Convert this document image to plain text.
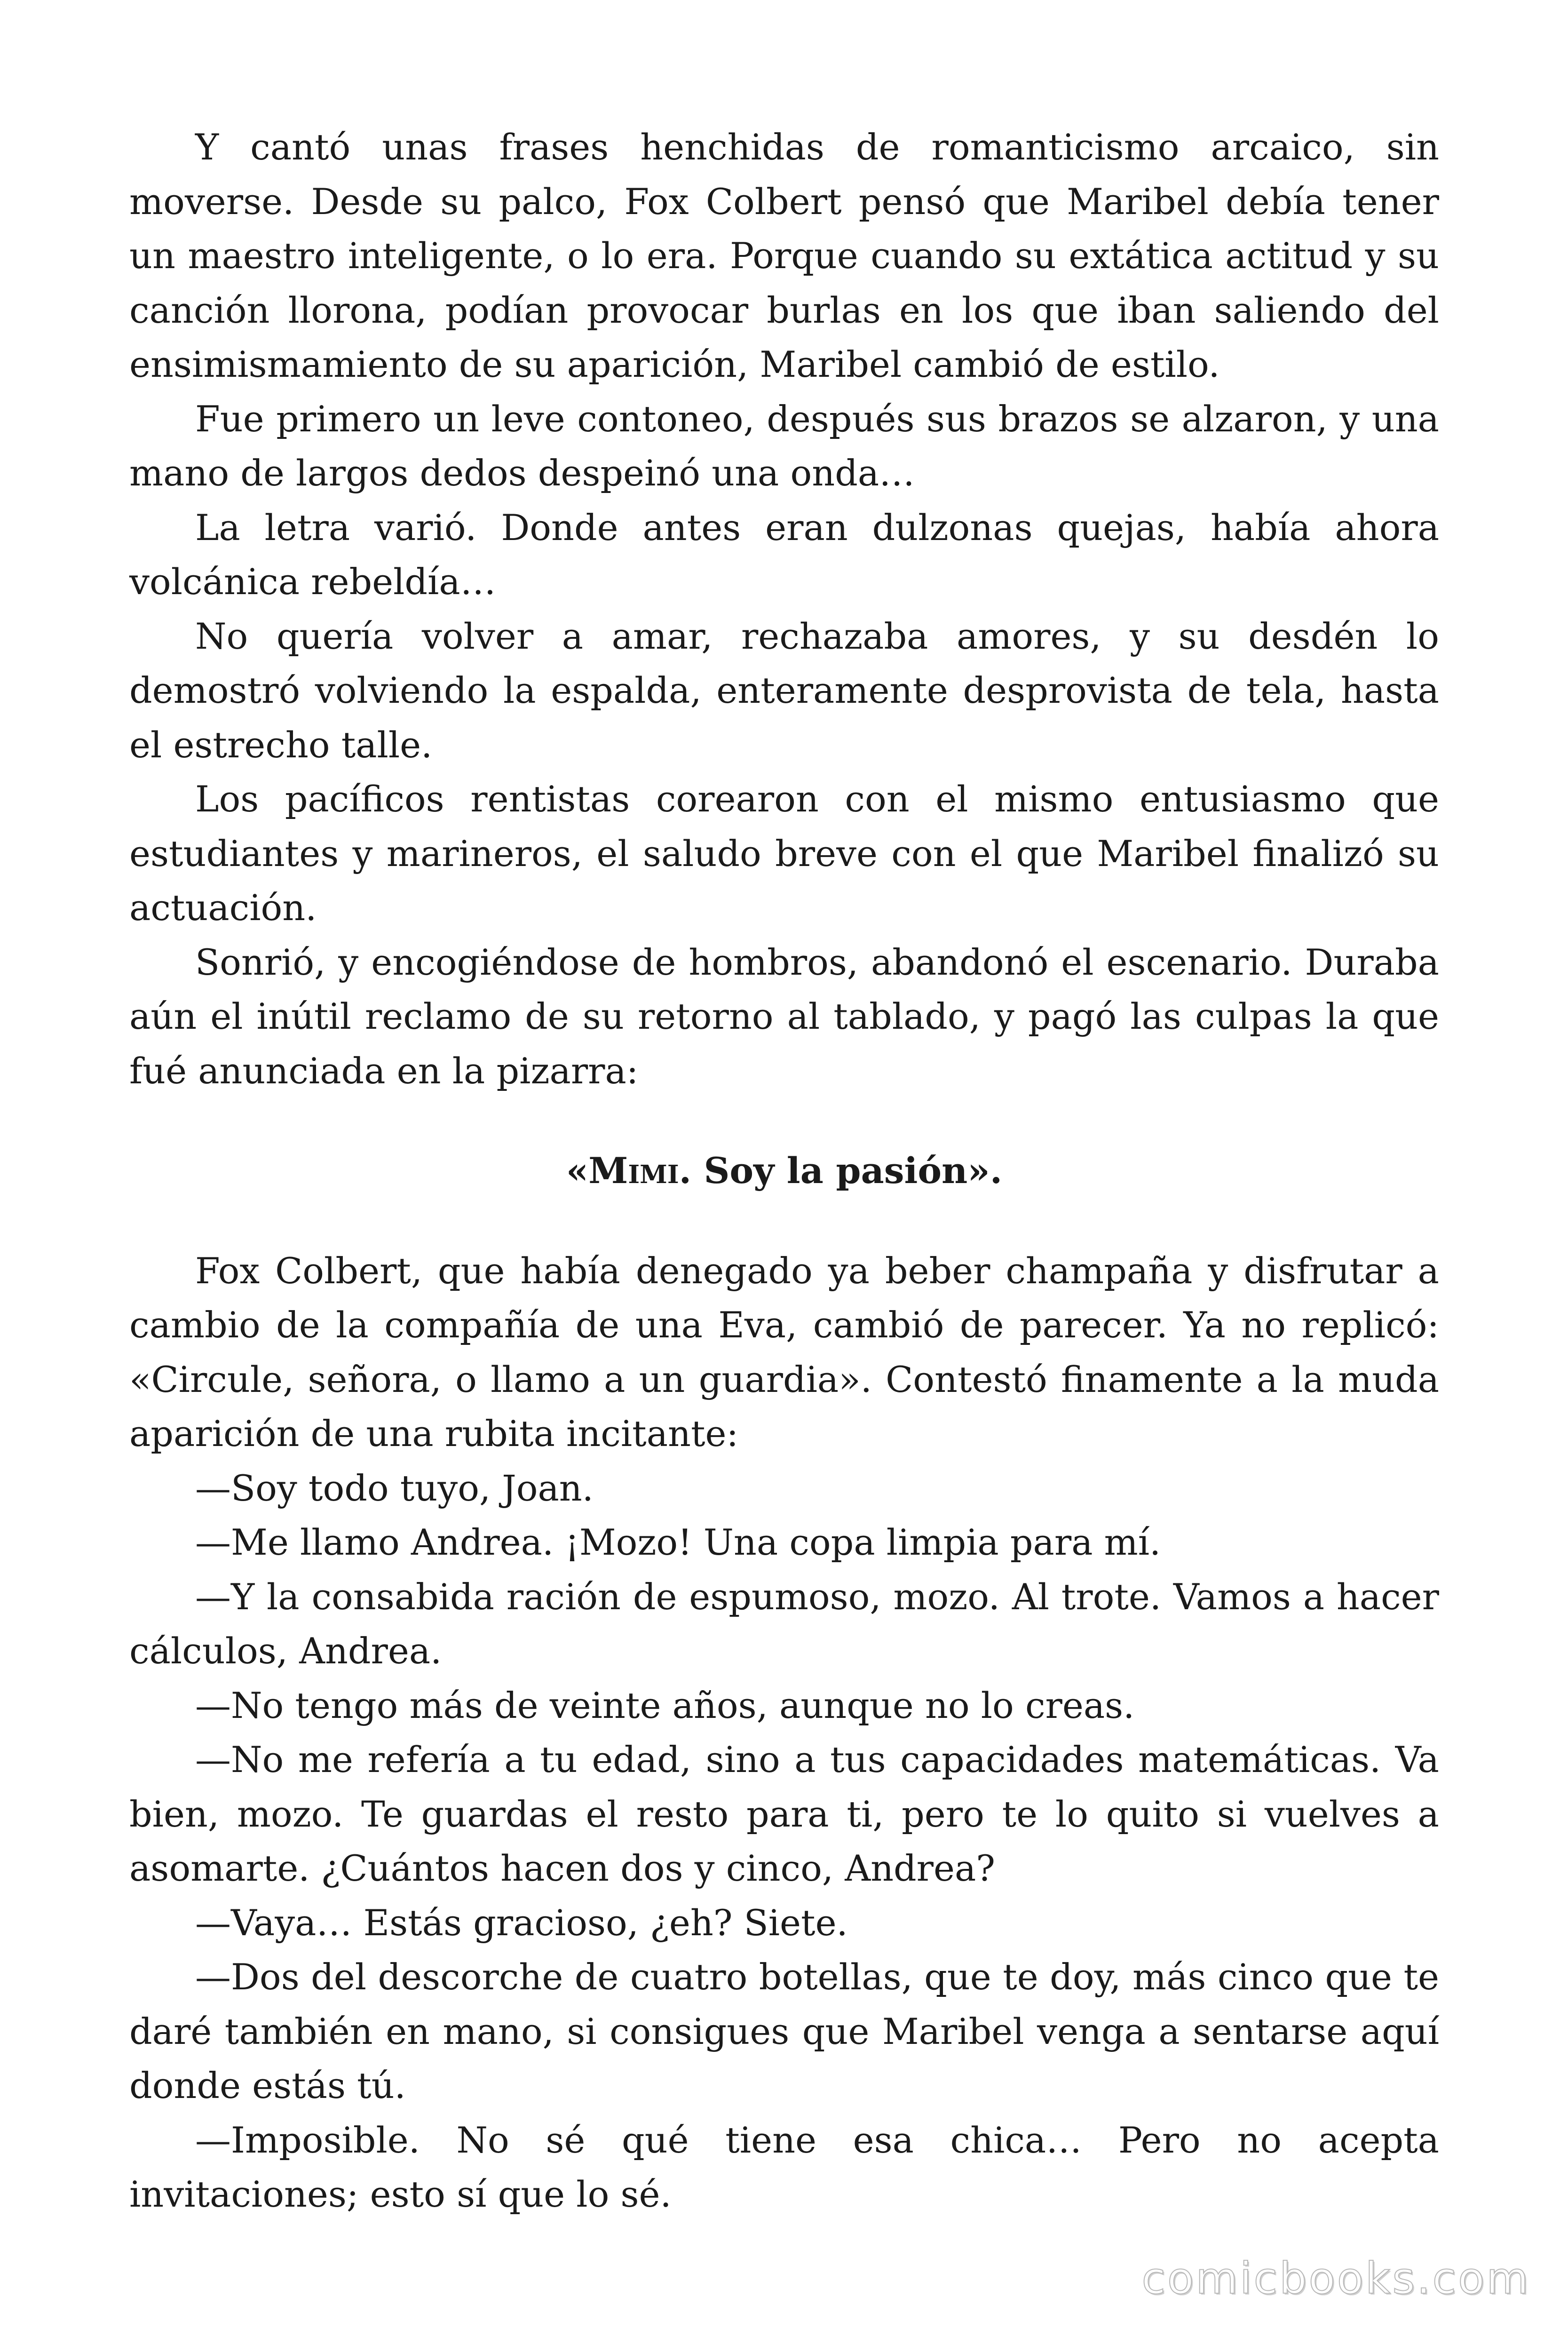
Y cantó unas frases henchidas de romanticismo arcaico, sin moverse. Desde su palco, Fox Colbert pensó que Maribel debía tener un maestro inteligente, o lo era. Porque cuando su extática actitud y su canción llorona, podían provocar burlas en los que iban saliendo del ensimismamiento de su aparición, Maribel cambió de estilo.

Fue primero un leve contoneo, después sus brazos se alzaron, y una mano de largos dedos despeinó una onda…

La letra varió. Donde antes eran dulzonas quejas, había ahora volcánica rebeldía…

No quería volver a amar, rechazaba amores, y su desdén lo demostró volviendo la espalda, enteramente desprovista de tela, hasta el estrecho talle.

Los pacíficos rentistas corearon con el mismo entusiasmo que estudiantes y marineros, el saludo breve con el que Maribel finalizó su actuación.

Sonrió, y encogiéndose de hombros, abandonó el escenario. Duraba aún el inútil reclamo de su retorno al tablado, y pagó las culpas la que fué anunciada en la pizarra:

«Mimi. Soy la pasión».

Fox Colbert, que había denegado ya beber champaña y disfrutar a cambio de la compañía de una Eva, cambió de parecer. Ya no replicó: «Circule, señora, o llamo a un guardia». Contestó finamente a la muda aparición de una rubita incitante:

—Soy todo tuyo, Joan.

—Me llamo Andrea. ¡Mozo! Una copa limpia para mí.

—Y la consabida ración de espumoso, mozo. Al trote. Vamos a hacer cálculos, Andrea.

—No tengo más de veinte años, aunque no lo creas.

—No me refería a tu edad, sino a tus capacidades matemáticas. Va bien, mozo. Te guardas el resto para ti, pero te lo quito si vuelves a asomarte. ¿Cuántos hacen dos y cinco, Andrea?

—Vaya… Estás gracioso, ¿eh? Siete.

—Dos del descorche de cuatro botellas, que te doy, más cinco que te daré también en mano, si consigues que Maribel venga a sentarse aquí donde estás tú.

—Imposible. No sé qué tiene esa chica… Pero no acepta invitaciones; esto sí que lo sé.

comicbooks.com
